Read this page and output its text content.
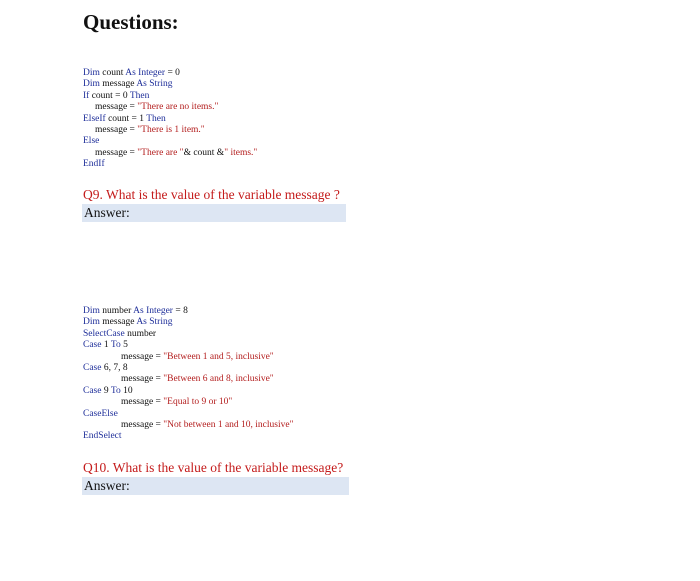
Questions:
Dim count As Integer = 0
Dim message As String
If count = 0 Then
message = "There are no items."
ElseIf count = 1 Then
message = "There is 1 item."
Else
message = "There are "& count &" items."
EndIf
Q9. What is the value of the variable message ?
Answer:
Dim number As Integer = 8
Dim message As String
SelectCase number
Case 1 To 5
message = "Between 1 and 5, inclusive"
Case 6, 7, 8
message = "Between 6 and 8, inclusive"
Case 9 To 10
message = "Equal to 9 or 10"
CaseElse
message = "Not between 1 and 10, inclusive"
EndSelect
Q10. What is the value of the variable message?
Answer:
